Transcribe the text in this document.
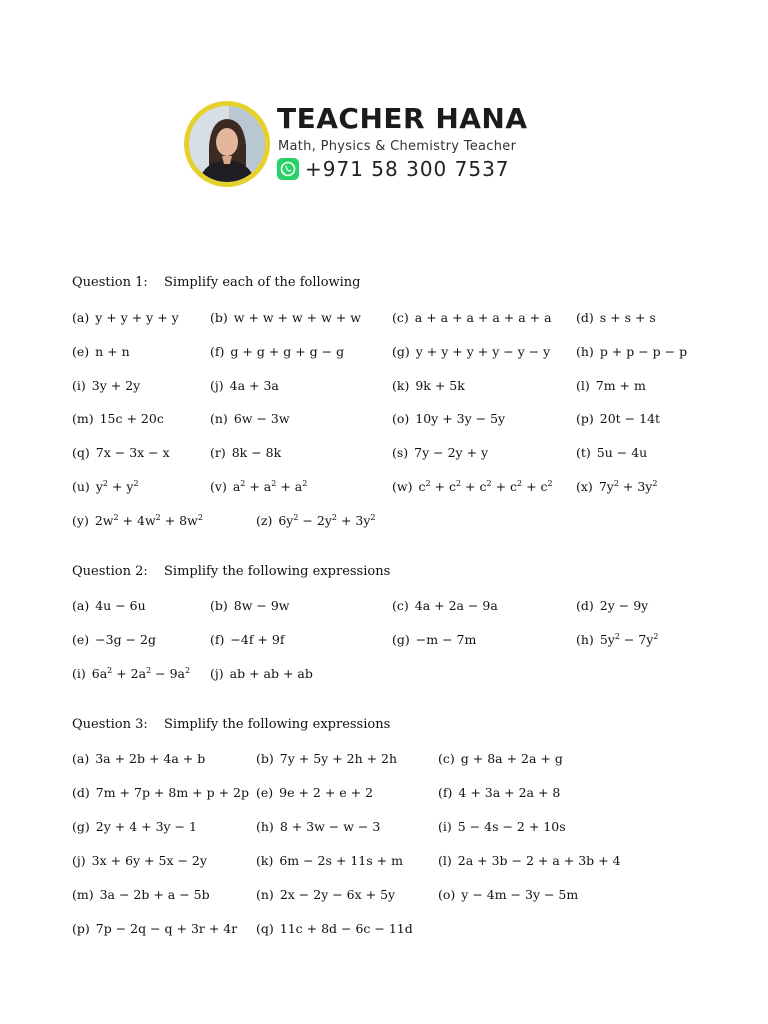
TEACHER HANA
Math, Physics & Chemistry Teacher
+971 58 300 7537
Question 1: Simplify each of the following
Question 2: Simplify the following expressions
Question 3: Simplify the following expressions
(a) y + y + y + y	(b) w + w + w + w + w (c) a + a + a + a + a + a (d) s + s + s
(e) n + n	(f) g + g + g + g − g	(g) y + y + y + y − y − y (h) p + p − p − p
(i) 3y + 2y	(j) 4a + 3a	(k) 9k + 5k	(l) 7m + m
(m) 15c + 20c	(n) 6w − 3w	(o) 10y + 3y − 5y	(p) 20t − 14t
(q) 7x − 3x − x	(r) 8k − 8k	(s) 7y − 2y + y	(t) 5u − 4u
(u) $y^2 + y^2$	(v) $a^2 + a^2 + a^2$	(w) $c^2 + c^2 + c^2 + c^2 + c^2$ (x) $7y^2 + 3y^2$
(y) $2w^2 + 4w^2 + 8w^2$	(z) $6y^2 - 2y^2 + 3y^2$
(a) 4u − 6u	(b) 8w − 9w	(c) 4a + 2a − 9a	(d) 2y − 9y
(e) −3g − 2g	(f) −4f + 9f	(g) −m − 7m	(h) $5y^2 - 7y^2$
(i) $6a^2 + 2a^2 - 9a^2$ (j) ab + ab + ab
(a) 3a + 2b + 4a + b	(b) 7y + 5y + 2h + 2h	(c) g + 8a + 2a + g
(d) 7m + 7p + 8m + p + 2p (e) 9e + 2 + e + 2	(f) 4 + 3a + 2a + 8
(g) 2y + 4 + 3y − 1	(h) 8 + 3w − w − 3	(i) 5 − 4s − 2 + 10s
(j) 3x + 6y + 5x − 2y	(k) 6m − 2s + 11s + m	(l) 2a + 3b − 2 + a + 3b + 4
(m) 3a − 2b + a − 5b	(n) 2x − 2y − 6x + 5y	(o) y − 4m − 3y − 5m
(p) 7p − 2q − q + 3r + 4r (q) 11c + 8d − 6c − 11d
